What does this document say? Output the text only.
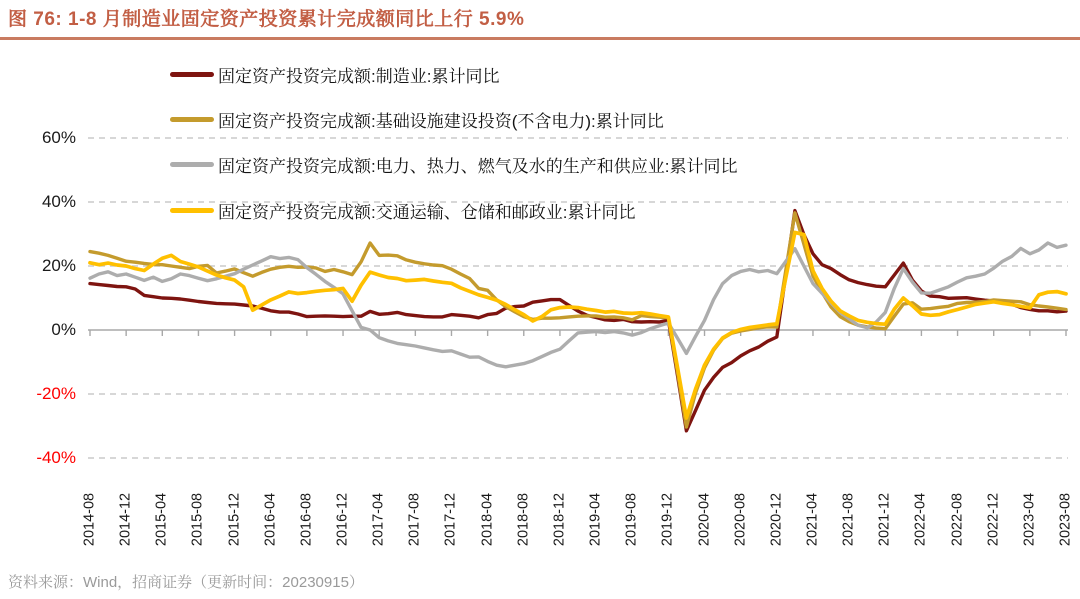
图 76: 1-8 月制造业固定资产投资累计完成额同比上行 5.9%
固定资产投资完成额:制造业:累计同比
固定资产投资完成额:基础设施建设投资(不含电力):累计同比
固定资产投资完成额:电力、热力、燃气及水的生产和供应业:累计同比
固定资产投资完成额:交通运输、仓储和邮政业:累计同比
60%
40%
20%
0%
-20%
-40%
2014-08 2014-12 2015-04 2015-08 2015-12 2016-04 2016-08 2016-12 2017-04 2017-08 2017-12 2018-04 2018-08 2018-12 2019-04 2019-08 2019-12 2020-04 2020-08 2020-12 2021-04 2021-08 2021-12 2022-04 2022-08 2022-12 2023-04 2023-08
资料来源：Wind，招商证券（更新时间：20230915）
